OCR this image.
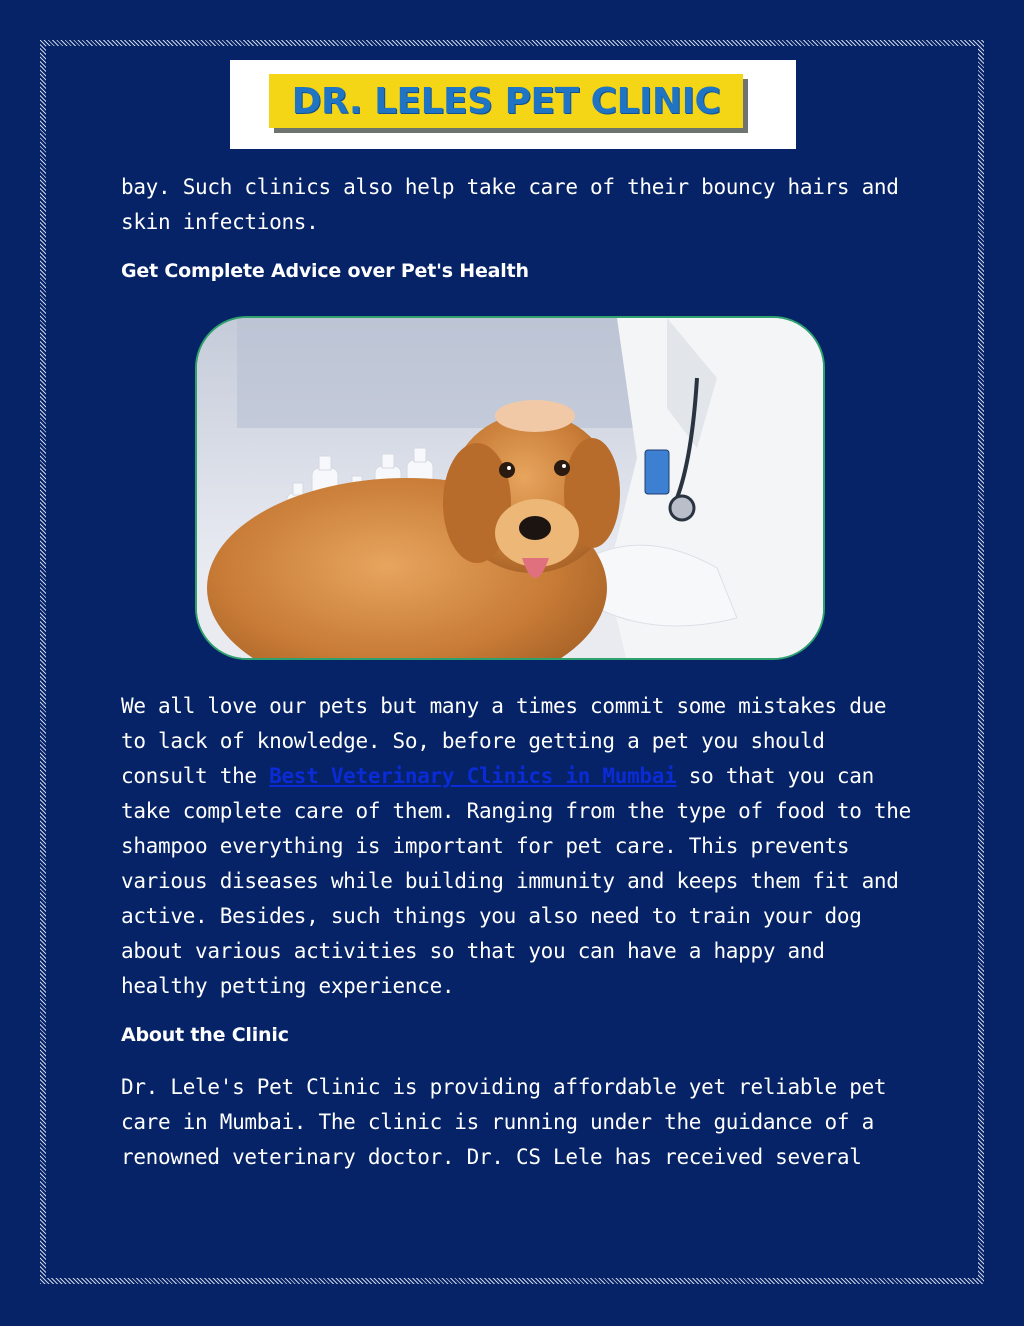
DR. LELES PET CLINIC

bay. Such clinics also help take care of their bouncy hairs and skin infections.

Get Complete Advice over Pet's Health

We all love our pets but many a times commit some mistakes due to lack of knowledge. So, before getting a pet you should consult the Best Veterinary Clinics in Mumbai so that you can take complete care of them. Ranging from the type of food to the shampoo everything is important for pet care. This prevents various diseases while building immunity and keeps them fit and active. Besides, such things you also need to train your dog about various activities so that you can have a happy and healthy petting experience.

About the Clinic

Dr. Lele's Pet Clinic is providing affordable yet reliable pet care in Mumbai. The clinic is running under the guidance of a renowned veterinary doctor. Dr. CS Lele has received several
